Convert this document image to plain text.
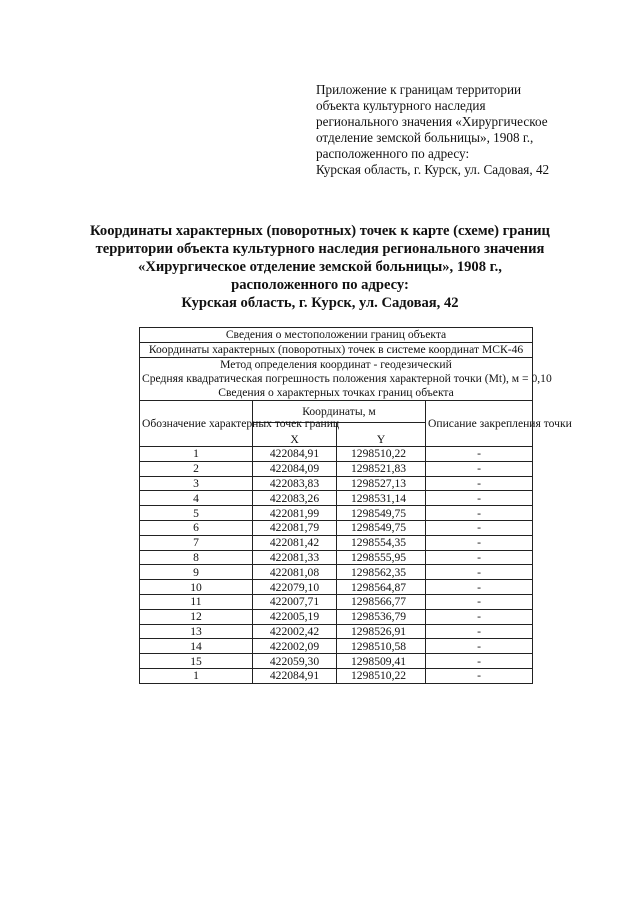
Приложение к границам территории
объекта культурного наследия
регионального значения «Хирургическое
отделение земской больницы», 1908 г.,
расположенного по адресу:
Курская область, г. Курск, ул. Садовая, 42
Координаты характерных (поворотных) точек к карте (схеме) границ
территории объекта культурного наследия регионального значения
«Хирургическое отделение земской больницы», 1908 г.,
расположенного по адресу:
Курская область, г. Курск, ул. Садовая, 42
Сведения о местоположении границ объекта			
Координаты характерных (поворотных) точек в системе координат МСК-46			

Метод определения координат - геодезический
Средняя квадратическая погрешность положения характерной точки (Mt), м = 0,10
Сведения о характерных точках границ объекта			

Обозначение характерных точек границ	Координаты, м		Описание закрепления точки
	X	Y	
1	422084,91	1298510,22	-
2	422084,09	1298521,83	-
3	422083,83	1298527,13	-
4	422083,26	1298531,14	-
5	422081,99	1298549,75	-
6	422081,79	1298549,75	-
7	422081,42	1298554,35	-
8	422081,33	1298555,95	-
9	422081,08	1298562,35	-
10	422079,10	1298564,87	-
11	422007,71	1298566,77	-
12	422005,19	1298536,79	-
13	422002,42	1298526,91	-
14	422002,09	1298510,58	-
15	422059,30	1298509,41	-
1	422084,91	1298510,22	-
